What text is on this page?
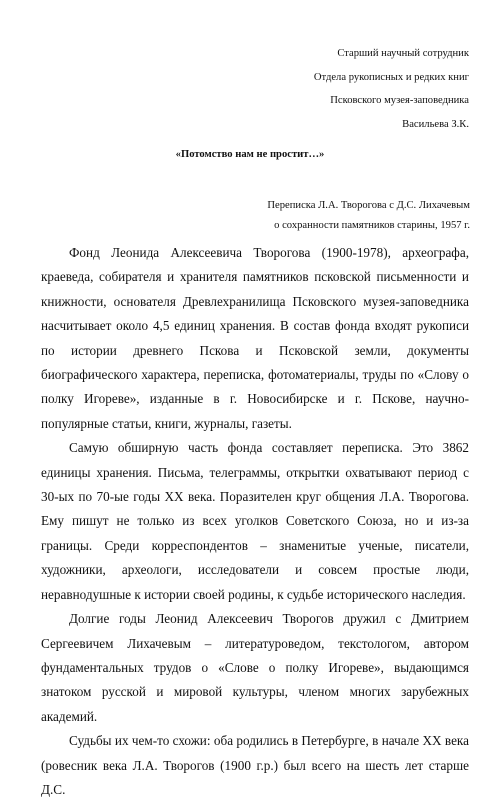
Старший научный сотрудник
Отдела рукописных и редких книг
Псковского музея-заповедника
Васильева З.К.
«Потомство нам не простит…»
Переписка Л.А. Творогова с Д.С. Лихачевым
о сохранности памятников старины, 1957 г.

Фонд Леонида Алексеевича Творогова (1900-1978), археографа, краеведа, собирателя и хранителя памятников псковской письменности и книжности, основателя Древлехранилища Псковского музея-заповедника насчитывает около 4,5 единиц хранения. В состав фонда входят рукописи по истории древнего Пскова и Псковской земли, документы биографического характера, переписка, фотоматериалы, труды по «Слову о полку Игореве», изданные в г. Новосибирске и г. Пскове, научно-популярные статьи, книги, журналы, газеты.

Самую обширную часть фонда составляет переписка. Это 3862 единицы хранения. Письма, телеграммы, открытки охватывают период с 30-ых по 70-ые годы XX века. Поразителен круг общения Л.А. Творогова. Ему пишут не только из всех уголков Советского Союза, но и из-за границы. Среди корреспондентов – знаменитые ученые, писатели, художники, археологи, исследователи и совсем простые люди, неравнодушные к истории своей родины, к судьбе исторического наследия.

Долгие годы Леонид Алексеевич Творогов дружил с Дмитрием Сергеевичем Лихачевым – литературоведом, текстологом, автором фундаментальных трудов о «Слове о полку Игореве», выдающимся знатоком русской и мировой культуры, членом многих зарубежных академий.

Судьбы их чем-то схожи: оба родились в Петербурге, в начале XX века (ровесник века Л.А. Творогов (1900 г.р.) был всего на шесть лет старше Д.С.
